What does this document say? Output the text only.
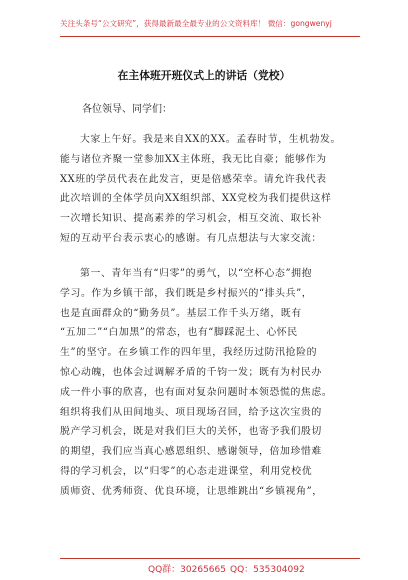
关注头条号“公文研究”，获得最新最全最专业的公文资料库！ 微信：gongwenyj
在主体班开班仪式上的讲话（党校）
各位领导、同学们：
大家上午好。我是来自XX的XX。孟春时节，生机勃发。
能与诸位齐聚一堂参加XX主体班，我无比自豪；能够作为
XX班的学员代表在此发言，更是倍感荣幸。请允许我代表
此次培训的全体学员向XX组织部、XX党校为我们提供这样
一次增长知识、提高素养的学习机会，相互交流、取长补
短的互动平台表示衷心的感谢。有几点想法与大家交流：
第一、青年当有“归零”的勇气，以“空杯心态”拥抱
学习。作为乡镇干部，我们既是乡村振兴的“排头兵”，
也是直面群众的“勤务员”。基层工作千头万绪，既有
“五加二”“白加黑”的常态，也有“脚踩泥土、心怀民
生”的坚守。在乡镇工作的四年里，我经历过防汛抢险的
惊心动魄，也体会过调解矛盾的千钧一发；既有为村民办
成一件小事的欣喜，也有面对复杂问题时本领恐慌的焦虑。
组织将我们从田间地头、项目现场召回，给予这次宝贵的
脱产学习机会，既是对我们巨大的关怀，也寄予我们殷切
的期望，我们应当真心感恩组织、感谢领导，倍加珍惜难
得的学习机会，以“归零”的心态走进课堂，利用党校优
质师资、优秀师资、优良环境，让思维跳出“乡镇视角”，
QQ群：30265665 QQ：535304092
